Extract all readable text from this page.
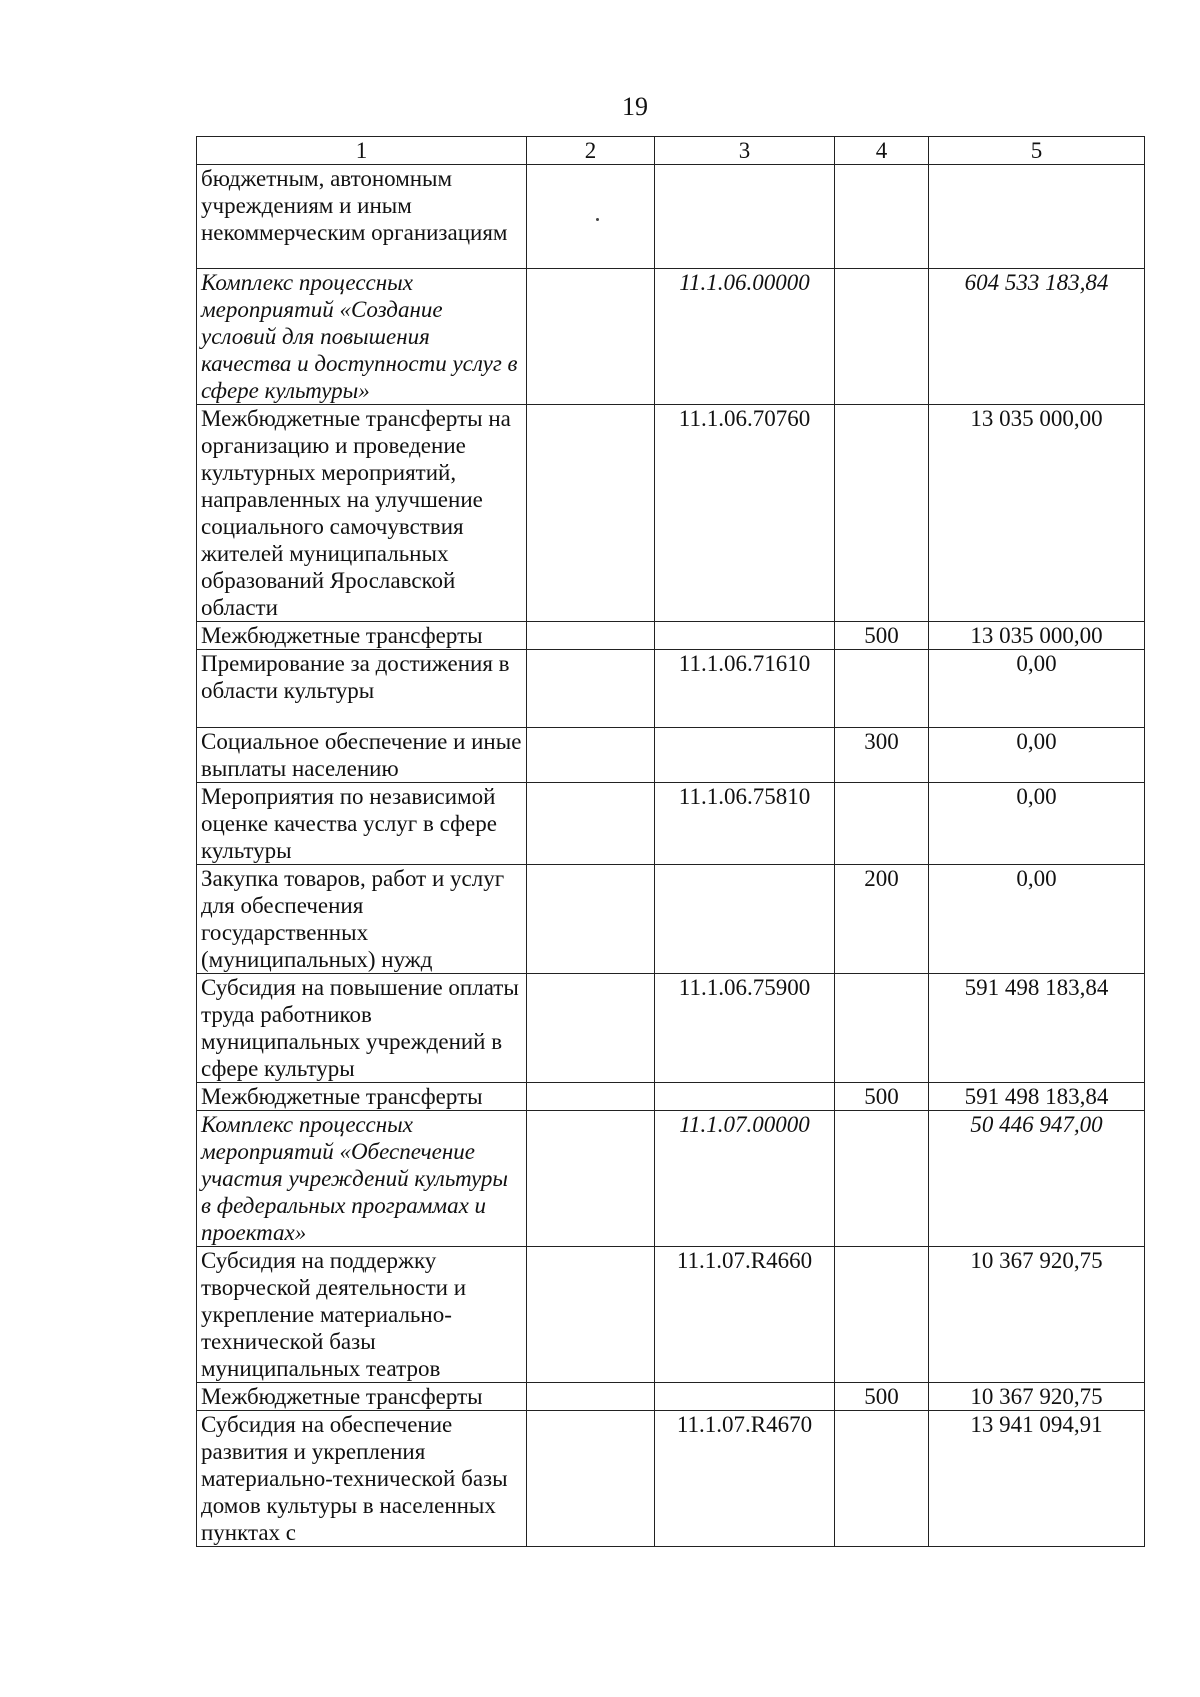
19
1	2	3	4	5
бюджетным, автономным учреждениям и иным некоммерческим организациям				
Комплекс процессных мероприятий «Создание условий для повышения качества и доступности услуг в сфере культуры»		11.1.06.00000		604 533 183,84
Межбюджетные трансферты на организацию и проведение культурных мероприятий, направленных на улучшение социального самочувствия жителей муниципальных образований Ярославской области		11.1.06.70760		13 035 000,00
Межбюджетные трансферты			500	13 035 000,00
Премирование за достижения в области культуры		11.1.06.71610		0,00
Социальное обеспечение и иные выплаты населению			300	0,00
Мероприятия по независимой оценке качества услуг в сфере культуры		11.1.06.75810		0,00
Закупка товаров, работ и услуг для обеспечения государственных (муниципальных) нужд			200	0,00
Субсидия на повышение оплаты труда работников муниципальных учреждений в сфере культуры		11.1.06.75900		591 498 183,84
Межбюджетные трансферты			500	591 498 183,84
Комплекс процессных мероприятий «Обеспечение участия учреждений культуры в федеральных программах и проектах»		11.1.07.00000		50 446 947,00
Субсидия на поддержку творческой деятельности и укрепление материально-технической базы муниципальных театров		11.1.07.R4660		10 367 920,75
Межбюджетные трансферты			500	10 367 920,75
Субсидия на обеспечение развития и укрепления материально-технической базы домов культуры в населенных пунктах с		11.1.07.R4670		13 941 094,91
